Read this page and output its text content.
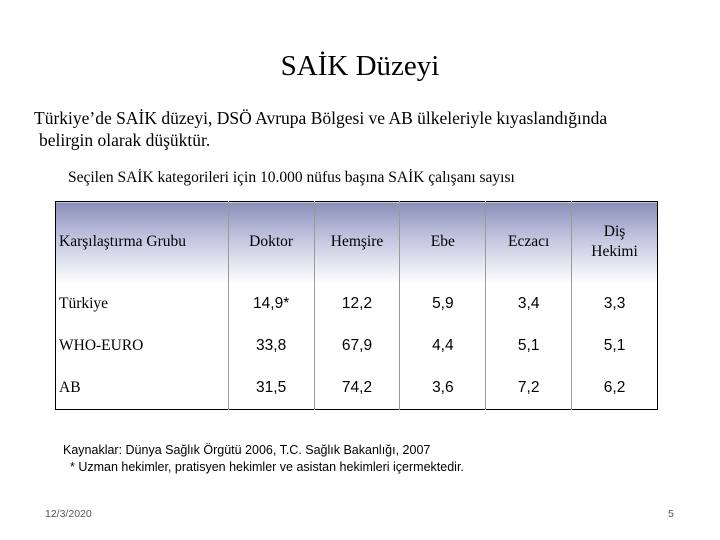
SAİK Düzeyi
Türkiye’de SAİK düzeyi, DSÖ Avrupa Bölgesi ve AB ülkeleriyle kıyaslandığında
belirgin olarak düşüktür.
Seçilen SAİK kategorileri için 10.000 nüfus başına SAİK çalışanı sayısı
Karşılaştırma Grubu	Doktor	Hemşire	Ebe	Eczacı	Diş
Hekimi
Türkiye	14,9*	12,2	5,9	3,4	3,3
WHO-EURO	33,8	67,9	4,4	5,1	5,1
AB	31,5	74,2	3,6	7,2	6,2
Kaynaklar: Dünya Sağlık Örgütü 2006, T.C. Sağlık Bakanlığı, 2007
* Uzman hekimler, pratisyen hekimler ve asistan hekimleri içermektedir.
12/3/2020	5
